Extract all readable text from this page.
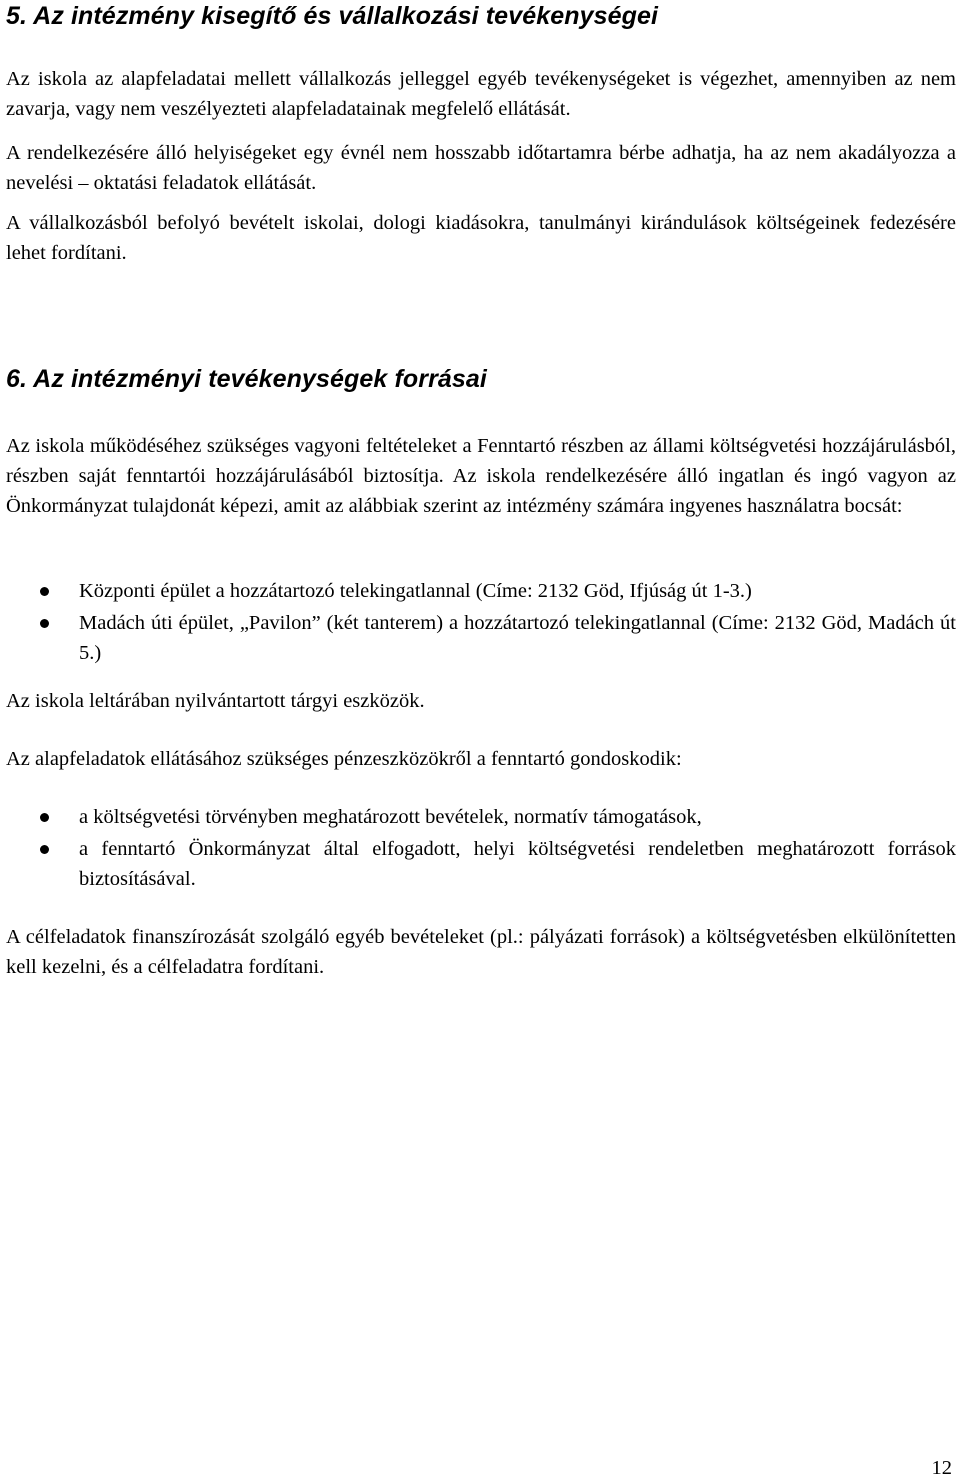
5. Az intézmény kisegítő és vállalkozási tevékenységei

Az iskola az alapfeladatai mellett vállalkozás jelleggel egyéb tevékenységeket is végezhet, amennyiben az nem zavarja, vagy nem veszélyezteti alapfeladatainak megfelelő ellátását.

A rendelkezésére álló helyiségeket egy évnél nem hosszabb időtartamra bérbe adhatja, ha az nem akadályozza a nevelési – oktatási feladatok ellátását.

A vállalkozásból befolyó bevételt iskolai, dologi kiadásokra, tanulmányi kirándulások költségeinek fedezésére lehet fordítani.

6. Az intézményi tevékenységek forrásai

Az iskola működéséhez szükséges vagyoni feltételeket a Fenntartó részben az állami költségvetési hozzájárulásból, részben saját fenntartói hozzájárulásából biztosítja. Az iskola rendelkezésére álló ingatlan és ingó vagyon az Önkormányzat tulajdonát képezi, amit az alábbiak szerint az intézmény számára ingyenes használatra bocsát:

Központi épület a hozzátartozó telekingatlannal (Címe: 2132 Göd, Ifjúság út 1-3.)
Madách úti épület, „Pavilon” (két tanterem) a hozzátartozó telekingatlannal (Címe: 2132 Göd, Madách út 5.)

Az iskola leltárában nyilvántartott tárgyi eszközök.

Az alapfeladatok ellátásához szükséges pénzeszközökről a fenntartó gondoskodik:

a költségvetési törvényben meghatározott bevételek, normatív támogatások,
a fenntartó Önkormányzat által elfogadott, helyi költségvetési rendeletben meghatározott források biztosításával.

A célfeladatok finanszírozását szolgáló egyéb bevételeket (pl.: pályázati források) a költségvetésben elkülönítetten kell kezelni, és a célfeladatra fordítani.

12
